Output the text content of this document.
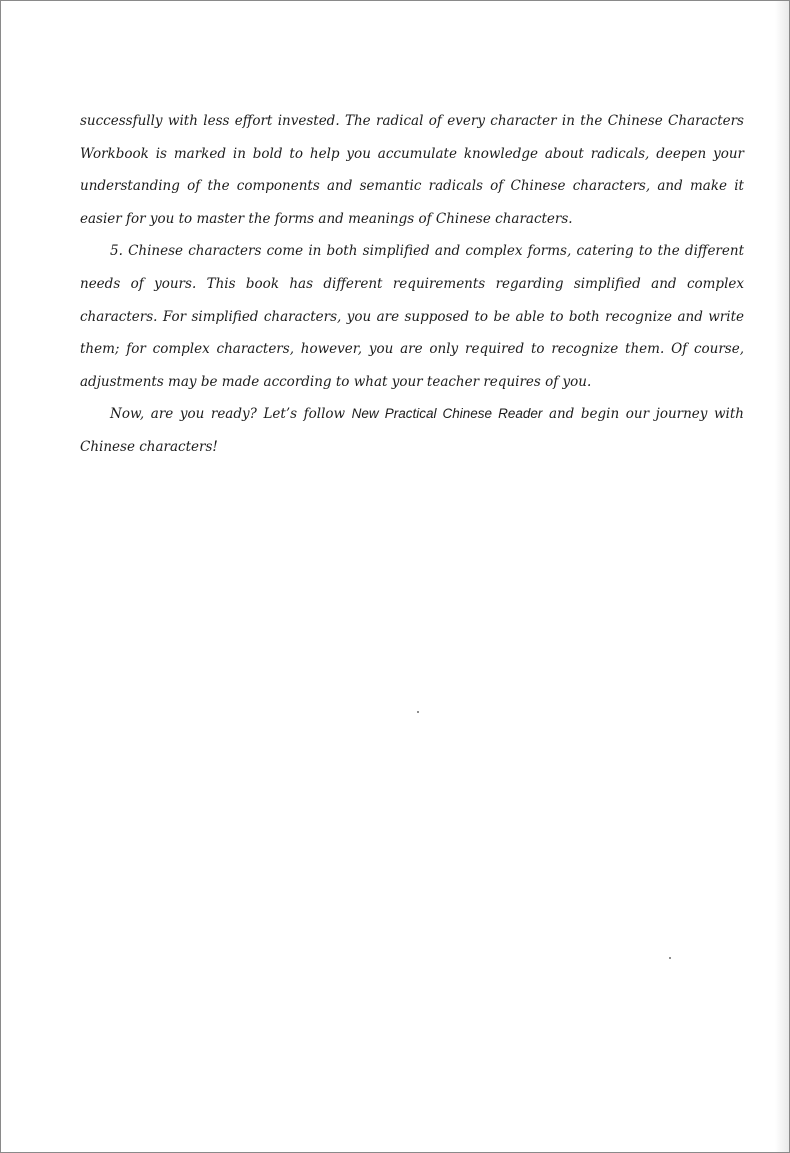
successfully with less effort invested. The radical of every character in the Chinese Characters Workbook is marked in bold to help you accumulate knowledge about radicals, deepen your understanding of the components and semantic radicals of Chinese characters, and make it easier for you to master the forms and meanings of Chinese characters.

5. Chinese characters come in both simplified and complex forms, catering to the different needs of yours. This book has different requirements regarding simplified and complex characters. For simplified characters, you are supposed to be able to both recognize and write them; for complex characters, however, you are only required to recognize them. Of course, adjustments may be made according to what your teacher requires of you.

Now, are you ready? Let’s follow New Practical Chinese Reader and begin our journey with Chinese characters!
